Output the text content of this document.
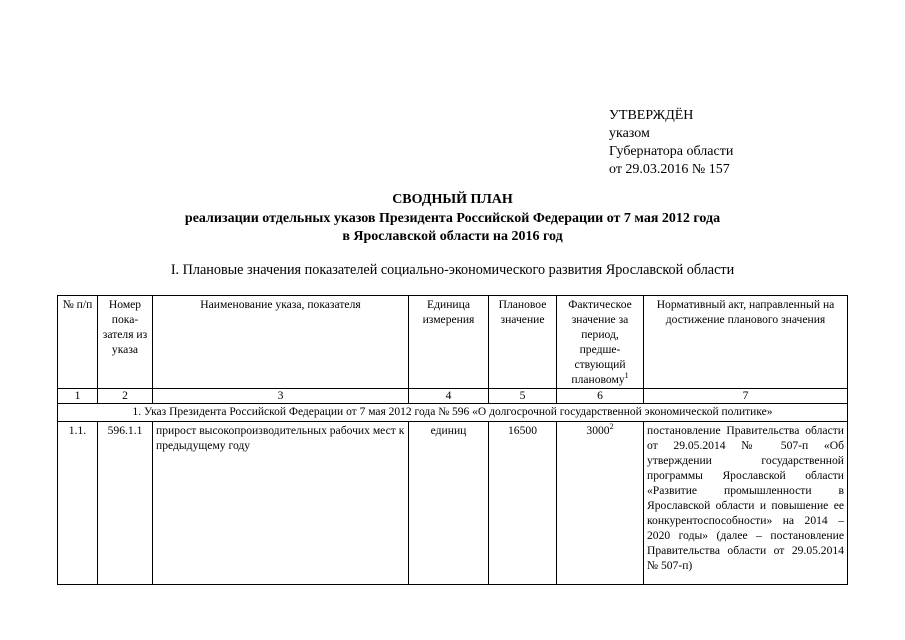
УТВЕРЖДЁН
указом
Губернатора области
от 29.03.2016 № 157
СВОДНЫЙ ПЛАН
реализации отдельных указов Президента Российской Федерации от 7 мая 2012 года
в Ярославской области на 2016 год
I. Плановые значения показателей социально-экономического развития Ярославской области
№ п/п	Номер показателя из указа	Наименование указа, показателя	Единица измерения	Плановое значение	Фактическое значение за период, предшествующий плановому$^1$	Нормативный акт, направленный на достижение планового значения
1	2	3	4	5	6	7
1. Указ Президента Российской Федерации от 7 мая 2012 года № 596 «О долгосрочной государственной экономической политике»						
1.1.	596.1.1	прирост высокопроизводительных рабочих мест к предыдущему году	единиц	16500	3000$^2$	постановление Правительства области от 29.05.2014 № 507-п «Об утверждении государственной программы Ярославской области «Развитие промышленности в Ярославской области и повышение ее конкурентоспособности» на 2014 – 2020 годы» (далее – постановление Правительства области от 29.05.2014 № 507-п)
